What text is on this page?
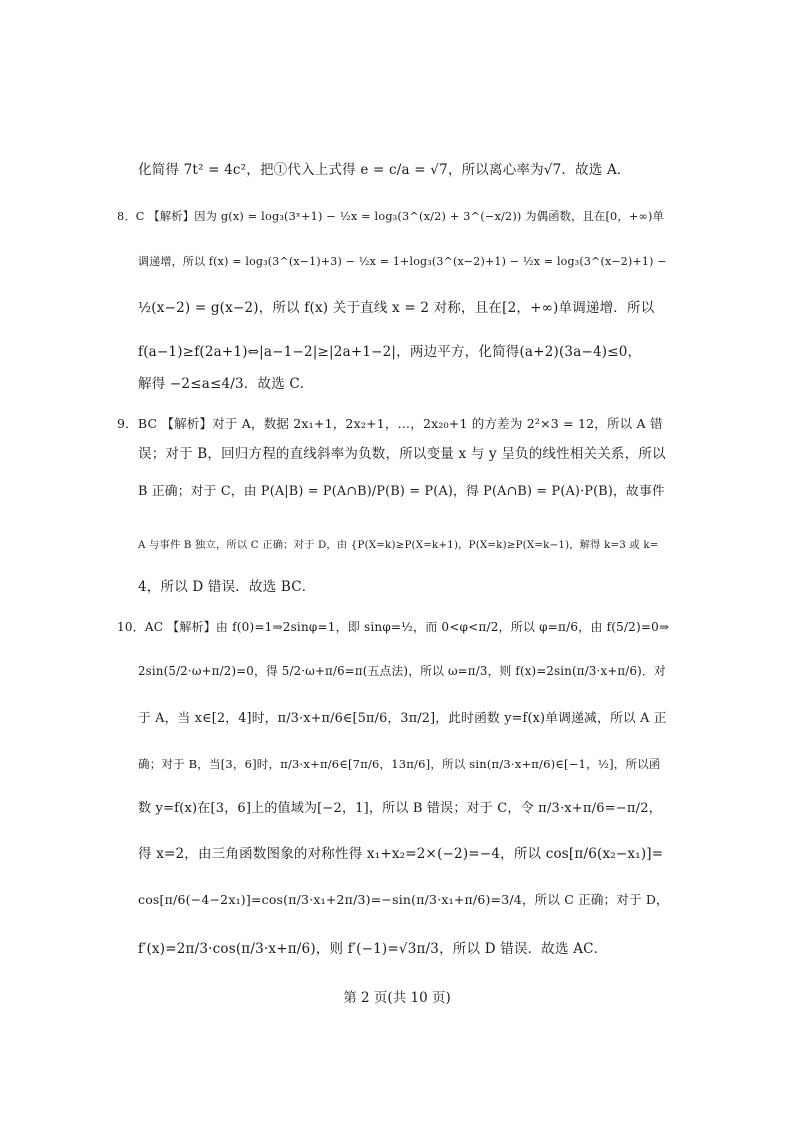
化简得 7t² = 4c²，把①代入上式得 e = c/a = √7，所以离心率为√7．故选 A．
8．C 【解析】因为 g(x) = log₃(3ˣ+1) − ½x = log₃(3^(x/2) + 3^(−x/2)) 为偶函数，且在[0，+∞)单
调递增，所以 f(x) = log₃(3^(x−1)+3) − ½x = 1+log₃(3^(x−2)+1) − ½x = log₃(3^(x−2)+1) −
½(x−2) = g(x−2)，所以 f(x) 关于直线 x = 2 对称，且在[2，+∞)单调递增．所以
f(a−1)≥f(2a+1)⇔|a−1−2|≥|2a+1−2|，两边平方，化简得(a+2)(3a−4)≤0，
解得 −2≤a≤4/3．故选 C．
9．BC 【解析】对于 A，数据 2x₁+1，2x₂+1，…，2x₂₀+1 的方差为 2²×3 = 12，所以 A 错
误；对于 B，回归方程的直线斜率为负数，所以变量 x 与 y 呈负的线性相关关系，所以
B 正确；对于 C，由 P(A|B) = P(A∩B)/P(B) = P(A)，得 P(A∩B) = P(A)·P(B)，故事件
A 与事件 B 独立，所以 C 正确；对于 D，由 {P(X=k)≥P(X=k+1)，P(X=k)≥P(X=k−1)，解得 k=3 或 k=
4，所以 D 错误．故选 BC．
10．AC 【解析】由 f(0)=1⇒2sinφ=1，即 sinφ=½，而 0<φ<π/2，所以 φ=π/6，由 f(5/2)=0⇒
2sin(5/2·ω+π/2)=0，得 5/2·ω+π/6=π(五点法)，所以 ω=π/3，则 f(x)=2sin(π/3·x+π/6)．对
于 A，当 x∈[2，4]时，π/3·x+π/6∈[5π/6，3π/2]，此时函数 y=f(x)单调递减，所以 A 正
确；对于 B，当[3，6]时，π/3·x+π/6∈[7π/6，13π/6]，所以 sin(π/3·x+π/6)∈[−1，½]，所以函
数 y=f(x)在[3，6]上的值域为[−2，1]，所以 B 错误；对于 C，令 π/3·x+π/6=−π/2，
得 x=2，由三角函数图象的对称性得 x₁+x₂=2×(−2)=−4，所以 cos[π/6(x₂−x₁)]=
cos[π/6(−4−2x₁)]=cos(π/3·x₁+2π/3)=−sin(π/3·x₁+π/6)=3/4，所以 C 正确；对于 D，
f′(x)=2π/3·cos(π/3·x+π/6)，则 f′(−1)=√3π/3，所以 D 错误．故选 AC．
第 2 页(共 10 页)
